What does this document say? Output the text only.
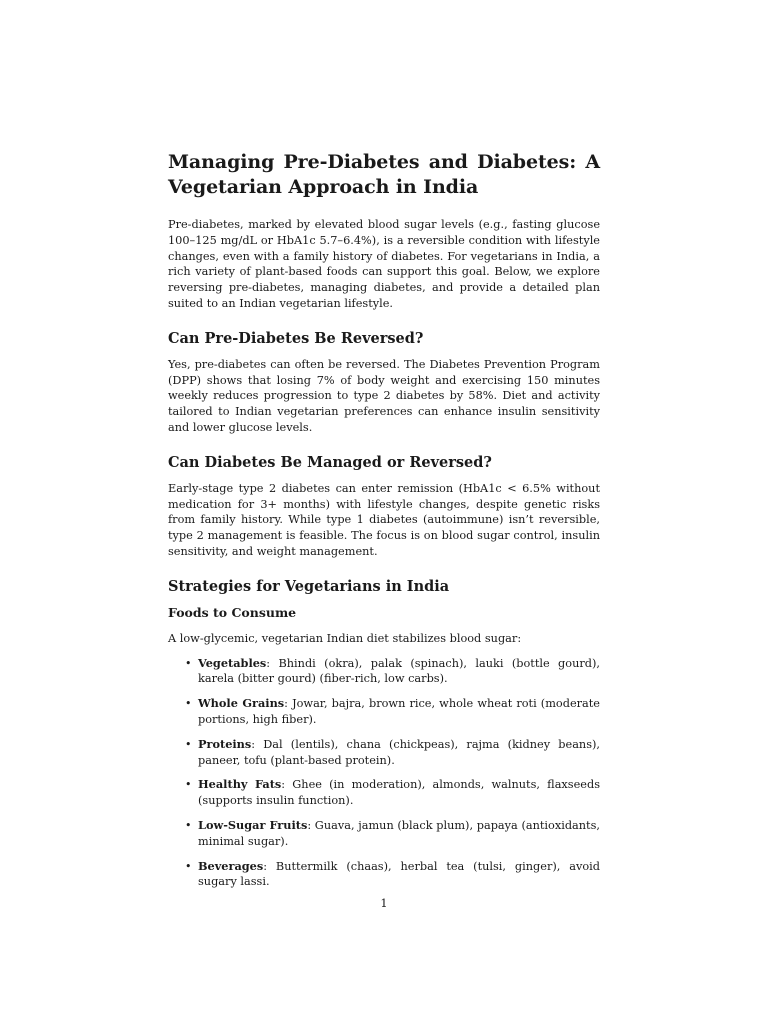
Managing Pre-Diabetes and Diabetes: A Vegetarian Approach in India

Pre-diabetes, marked by elevated blood sugar levels (e.g., fasting glucose 100–125 mg/dL or HbA1c 5.7–6.4%), is a reversible condition with lifestyle changes, even with a family history of diabetes. For vegetarians in India, a rich variety of plant-based foods can support this goal. Below, we explore reversing pre-diabetes, managing diabetes, and provide a detailed plan suited to an Indian vegetarian lifestyle.

Can Pre-Diabetes Be Reversed?

Yes, pre-diabetes can often be reversed. The Diabetes Prevention Program (DPP) shows that losing 7% of body weight and exercising 150 minutes weekly reduces progression to type 2 diabetes by 58%. Diet and activity tailored to Indian vegetarian preferences can enhance insulin sensitivity and lower glucose levels.

Can Diabetes Be Managed or Reversed?

Early-stage type 2 diabetes can enter remission (HbA1c < 6.5% without medication for 3+ months) with lifestyle changes, despite genetic risks from family history. While type 1 diabetes (autoimmune) isn’t reversible, type 2 management is feasible. The focus is on blood sugar control, insulin sensitivity, and weight management.

Strategies for Vegetarians in India
Foods to Consume

A low-glycemic, vegetarian Indian diet stabilizes blood sugar:

• Vegetables: Bhindi (okra), palak (spinach), lauki (bottle gourd), karela (bitter gourd) (fiber-rich, low carbs).
• Whole Grains: Jowar, bajra, brown rice, whole wheat roti (moderate portions, high fiber).
• Proteins: Dal (lentils), chana (chickpeas), rajma (kidney beans), paneer, tofu (plant-based protein).
• Healthy Fats: Ghee (in moderation), almonds, walnuts, flaxseeds (supports insulin function).
• Low-Sugar Fruits: Guava, jamun (black plum), papaya (antioxidants, minimal sugar).
• Beverages: Buttermilk (chaas), herbal tea (tulsi, ginger), avoid sugary lassi.
1
